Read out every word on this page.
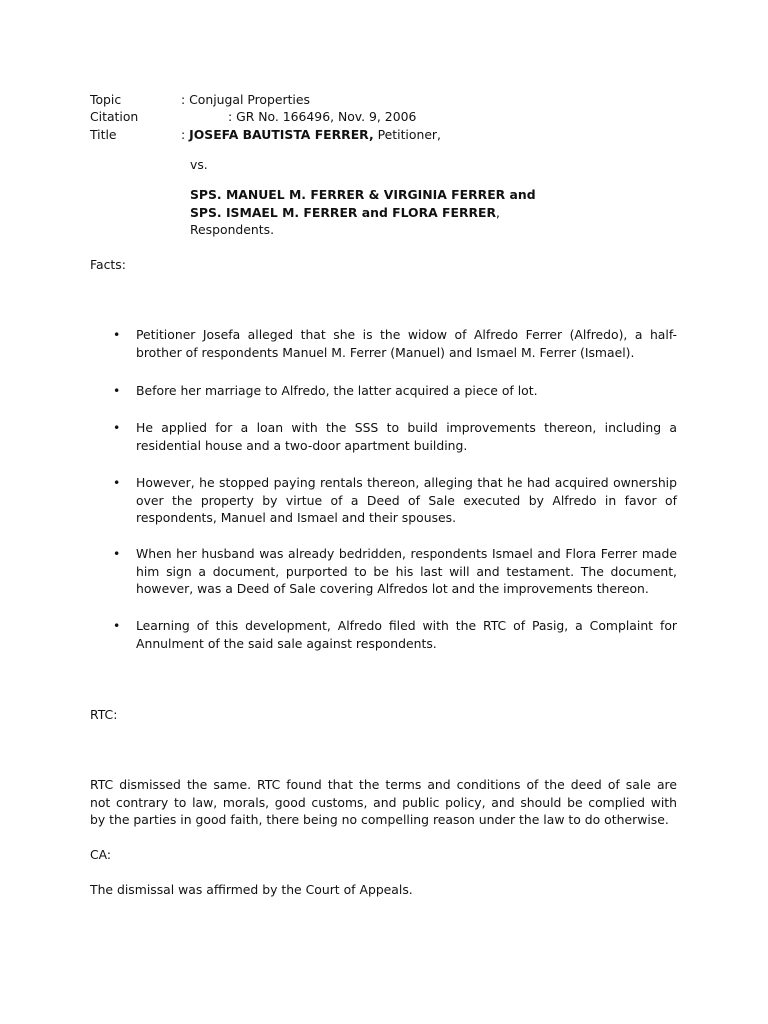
Topic	: Conjugal Properties
Citation	: GR No. 166496, Nov. 9, 2006
Title	: JOSEFA BAUTISTA FERRER, Petitioner,
vs.
SPS. MANUEL M. FERRER & VIRGINIA FERRER and
SPS. ISMAEL M. FERRER and FLORA FERRER,
Respondents.
Facts:
• Petitioner Josefa alleged that she is the widow of Alfredo Ferrer (Alfredo), a half-
brother of respondents Manuel M. Ferrer (Manuel) and Ismael M. Ferrer (Ismael).
• Before her marriage to Alfredo, the latter acquired a piece of lot.
• He applied for a loan with the SSS to build improvements thereon, including a
residential house and a two-door apartment building.
• However, he stopped paying rentals thereon, alleging that he had acquired ownership
over the property by virtue of a Deed of Sale executed by Alfredo in favor of
respondents, Manuel and Ismael and their spouses.
• When her husband was already bedridden, respondents Ismael and Flora Ferrer made
him sign a document, purported to be his last will and testament. The document,
however, was a Deed of Sale covering Alfredos lot and the improvements thereon.
• Learning of this development, Alfredo filed with the RTC of Pasig, a Complaint for
Annulment of the said sale against respondents.
RTC:
RTC dismissed the same. RTC found that the terms and conditions of the deed of sale are
not contrary to law, morals, good customs, and public policy, and should be complied with
by the parties in good faith, there being no compelling reason under the law to do otherwise.
CA:
The dismissal was affirmed by the Court of Appeals.
